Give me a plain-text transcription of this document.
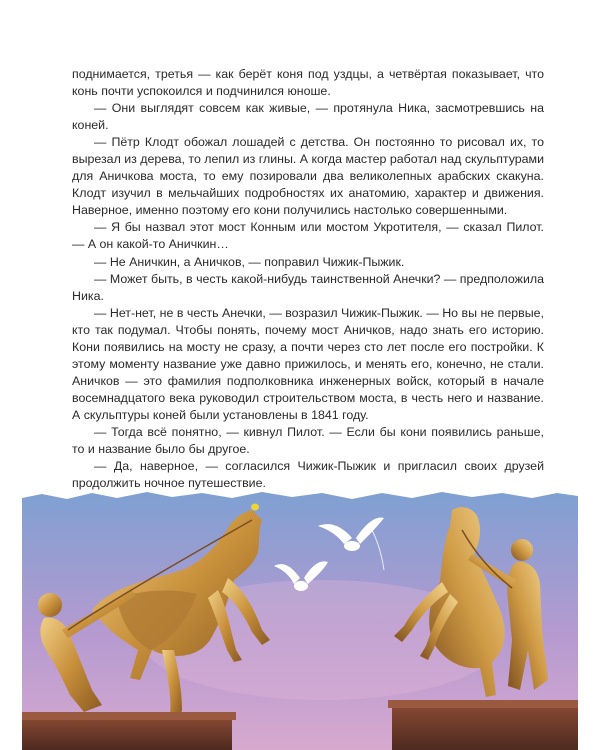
поднимается, третья — как берёт коня под уздцы, а четвёртая показывает, что конь почти успокоился и подчинился юноше.

— Они выглядят совсем как живые, — протянула Ника, засмотревшись на коней.

— Пётр Клодт обожал лошадей с детства. Он постоянно то рисовал их, то вырезал из дерева, то лепил из глины. А когда мастер работал над скульптурами для Аничкова моста, то ему позировали два великолепных арабских скакуна. Клодт изучил в мельчайших подробностях их анатомию, характер и движения. Наверное, именно поэтому его кони получились настолько совершенными.

— Я бы назвал этот мост Конным или мостом Укротителя, — сказал Пилот. — А он какой-то Аничкин…

— Не Аничкин, а Аничков, — поправил Чижик-Пыжик.

— Может быть, в честь какой-нибудь таинственной Анечки? — предположила Ника.

— Нет-нет, не в честь Анечки, — возразил Чижик-Пыжик. — Но вы не первые, кто так подумал. Чтобы понять, почему мост Аничков, надо знать его историю. Кони появились на мосту не сразу, а почти через сто лет после его постройки. К этому моменту название уже давно прижилось, и менять его, конечно, не стали. Аничков — это фамилия подполковника инженерных войск, который в начале восемнадцатого века руководил строительством моста, в честь него и название. А скульптуры коней были установлены в 1841 году.

— Тогда всё понятно, — кивнул Пилот. — Если бы кони появились раньше, то и название было бы другое.

— Да, наверное, — согласился Чижик-Пыжик и пригласил своих друзей продолжить ночное путешествие.
